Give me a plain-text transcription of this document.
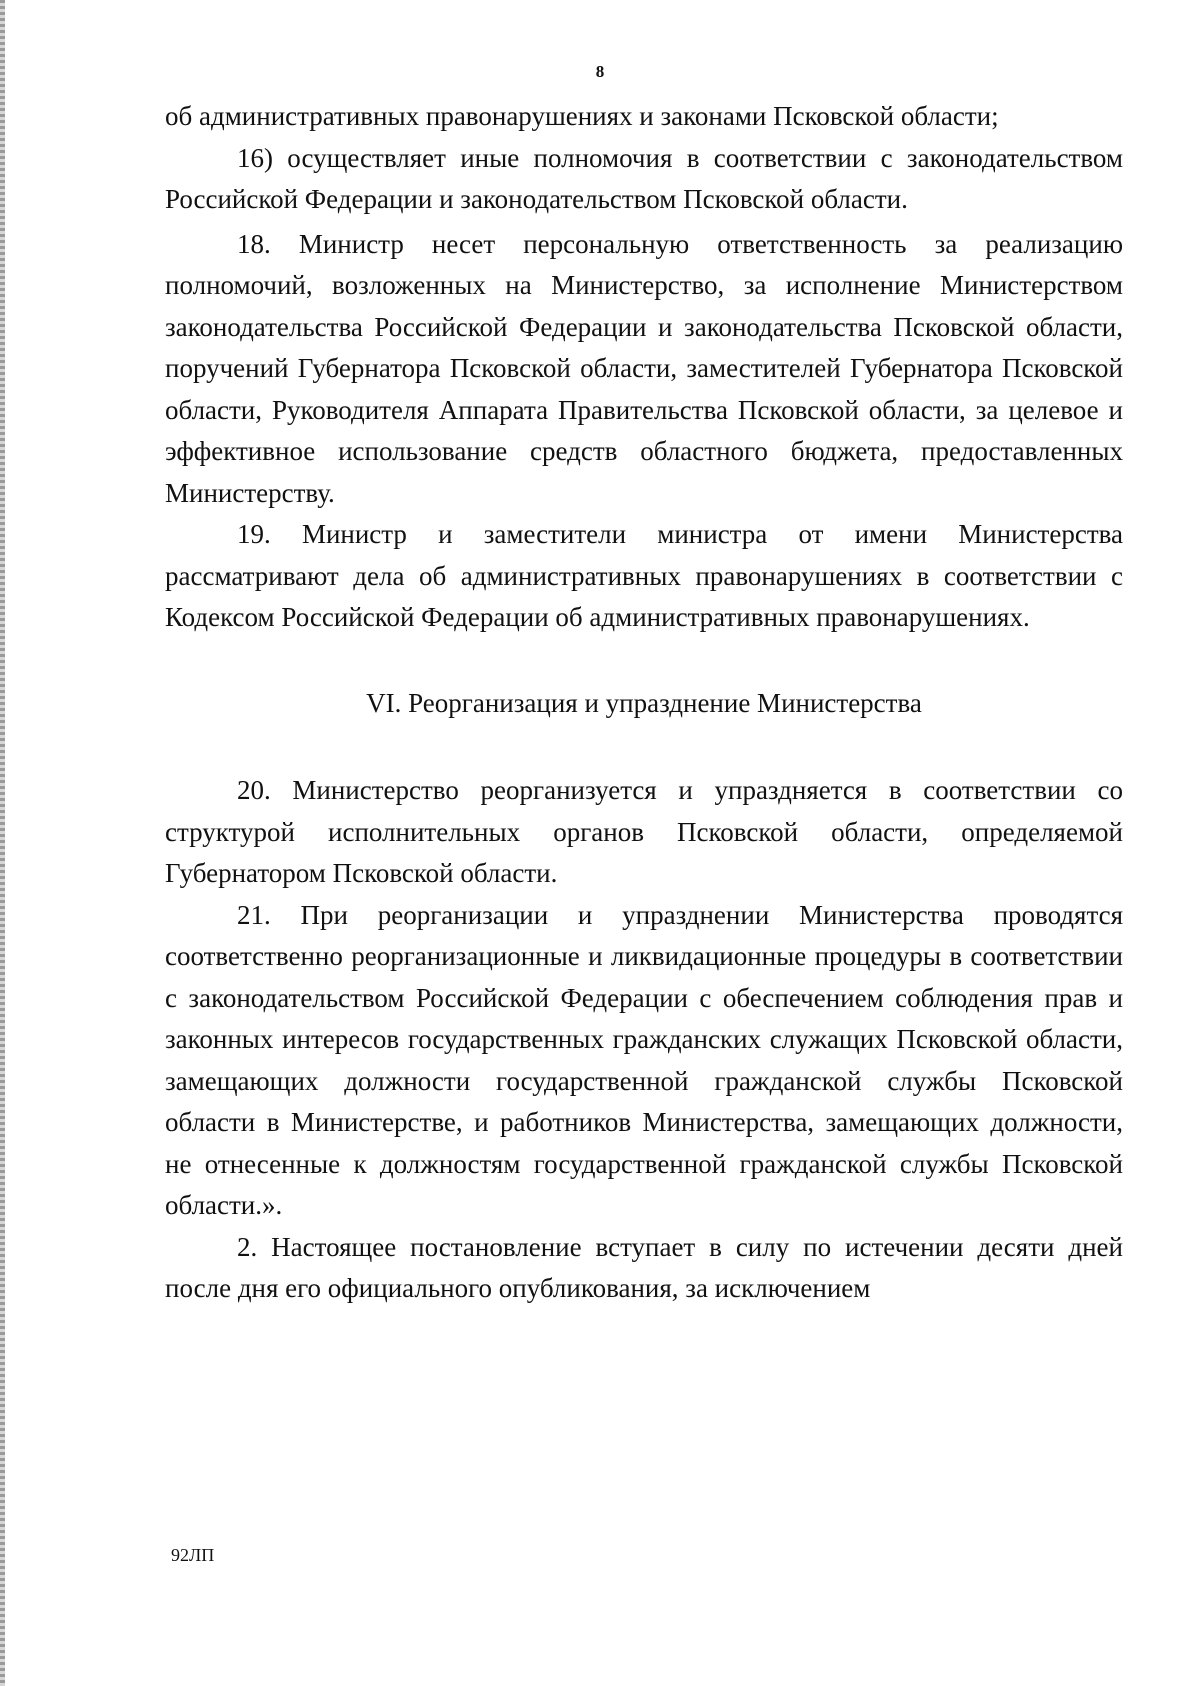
8

об административных правонарушениях и законами Псковской области;

16) осуществляет иные полномочия в соответствии с законодательством Российской Федерации и законодательством Псковской области.

18. Министр несет персональную ответственность за реализацию полномочий, возложенных на Министерство, за исполнение Министерством законодательства Российской Федерации и законодательства Псковской области, поручений Губернатора Псковской области, заместителей Губернатора Псковской области, Руководителя Аппарата Правительства Псковской области, за целевое и эффективное использование средств областного бюджета, предоставленных Министерству.

19. Министр и заместители министра от имени Министерства рассматривают дела об административных правонарушениях в соответствии с Кодексом Российской Федерации об административных правонарушениях.

VI. Реорганизация и упразднение Министерства

20. Министерство реорганизуется и упраздняется в соответствии со структурой исполнительных органов Псковской области, определяемой Губернатором Псковской области.

21. При реорганизации и упразднении Министерства проводятся соответственно реорганизационные и ликвидационные процедуры в соответствии с законодательством Российской Федерации с обеспечением соблюдения прав и законных интересов государственных гражданских служащих Псковской области, замещающих должности государственной гражданской службы Псковской области в Министерстве, и работников Министерства, замещающих должности, не отнесенные к должностям государственной гражданской службы Псковской области.».

2. Настоящее постановление вступает в силу по истечении десяти дней после дня его официального опубликования, за исключением

92ЛП
